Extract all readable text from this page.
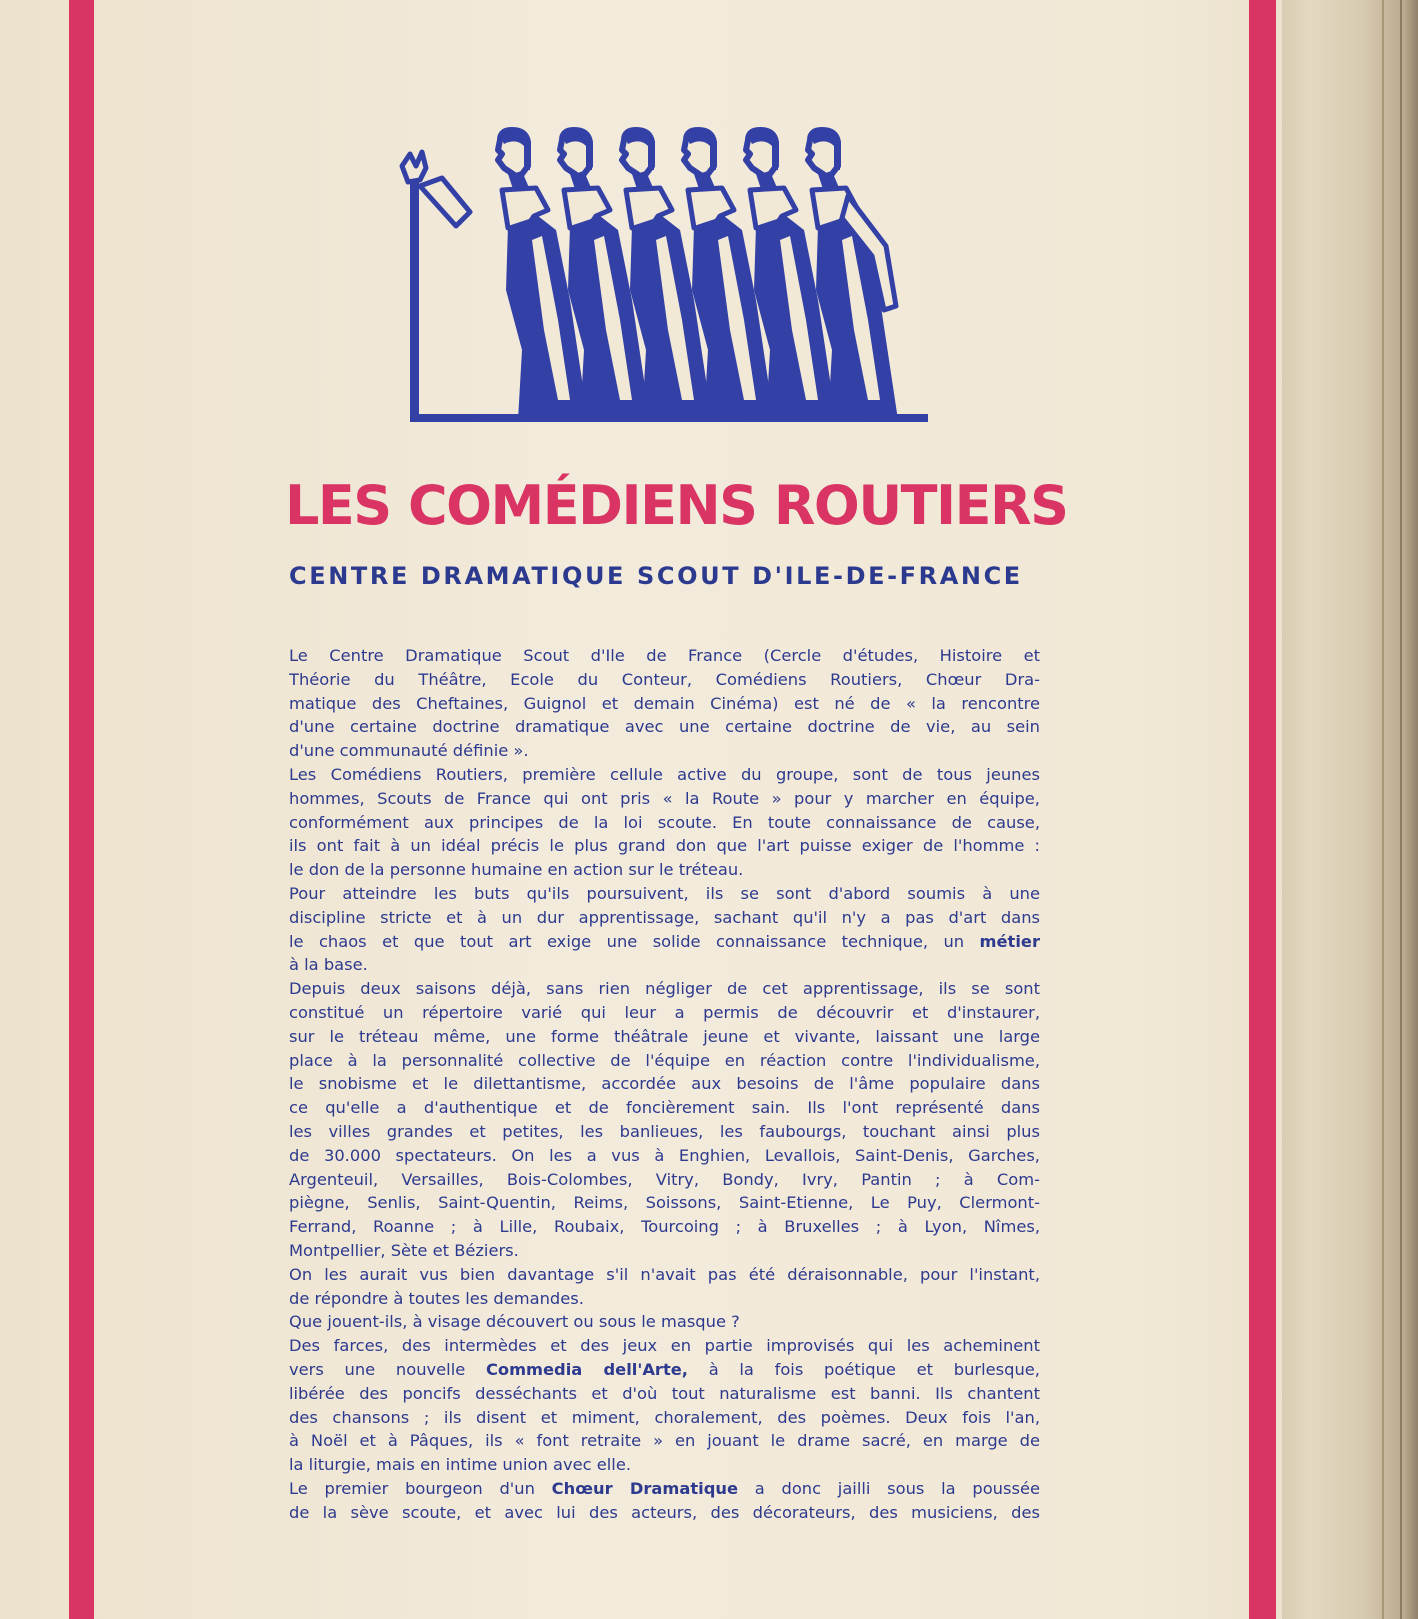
LES COMÉDIENS ROUTIERS
CENTRE DRAMATIQUE SCOUT D'ILE-DE-FRANCE
Le Centre Dramatique Scout d'Ile de France (Cercle d'études, Histoire et
Théorie du Théâtre, Ecole du Conteur, Comédiens Routiers, Chœur Dra-
matique des Cheftaines, Guignol et demain Cinéma) est né de « la rencontre
d'une certaine doctrine dramatique avec une certaine doctrine de vie, au sein
d'une communauté définie ».
Les Comédiens Routiers, première cellule active du groupe, sont de tous jeunes
hommes, Scouts de France qui ont pris « la Route » pour y marcher en équipe,
conformément aux principes de la loi scoute. En toute connaissance de cause,
ils ont fait à un idéal précis le plus grand don que l'art puisse exiger de l'homme :
le don de la personne humaine en action sur le tréteau.
Pour atteindre les buts qu'ils poursuivent, ils se sont d'abord soumis à une
discipline stricte et à un dur apprentissage, sachant qu'il n'y a pas d'art dans
le chaos et que tout art exige une solide connaissance technique, un métier
à la base.
Depuis deux saisons déjà, sans rien négliger de cet apprentissage, ils se sont
constitué un répertoire varié qui leur a permis de découvrir et d'instaurer,
sur le tréteau même, une forme théâtrale jeune et vivante, laissant une large
place à la personnalité collective de l'équipe en réaction contre l'individualisme,
le snobisme et le dilettantisme, accordée aux besoins de l'âme populaire dans
ce qu'elle a d'authentique et de foncièrement sain. Ils l'ont représenté dans
les villes grandes et petites, les banlieues, les faubourgs, touchant ainsi plus
de 30.000 spectateurs. On les a vus à Enghien, Levallois, Saint-Denis, Garches,
Argenteuil, Versailles, Bois-Colombes, Vitry, Bondy, Ivry, Pantin ; à Com-
piègne, Senlis, Saint-Quentin, Reims, Soissons, Saint-Etienne, Le Puy, Clermont-
Ferrand, Roanne ; à Lille, Roubaix, Tourcoing ; à Bruxelles ; à Lyon, Nîmes,
Montpellier, Sète et Béziers.
On les aurait vus bien davantage s'il n'avait pas été déraisonnable, pour l'instant,
de répondre à toutes les demandes.
Que jouent-ils, à visage découvert ou sous le masque ?
Des farces, des intermèdes et des jeux en partie improvisés qui les acheminent
vers une nouvelle Commedia dell'Arte, à la fois poétique et burlesque,
libérée des poncifs desséchants et d'où tout naturalisme est banni. Ils chantent
des chansons ; ils disent et miment, choralement, des poèmes. Deux fois l'an,
à Noël et à Pâques, ils « font retraite » en jouant le drame sacré, en marge de
la liturgie, mais en intime union avec elle.
Le premier bourgeon d'un Chœur Dramatique a donc jailli sous la poussée
de la sève scoute, et avec lui des acteurs, des décorateurs, des musiciens, des
